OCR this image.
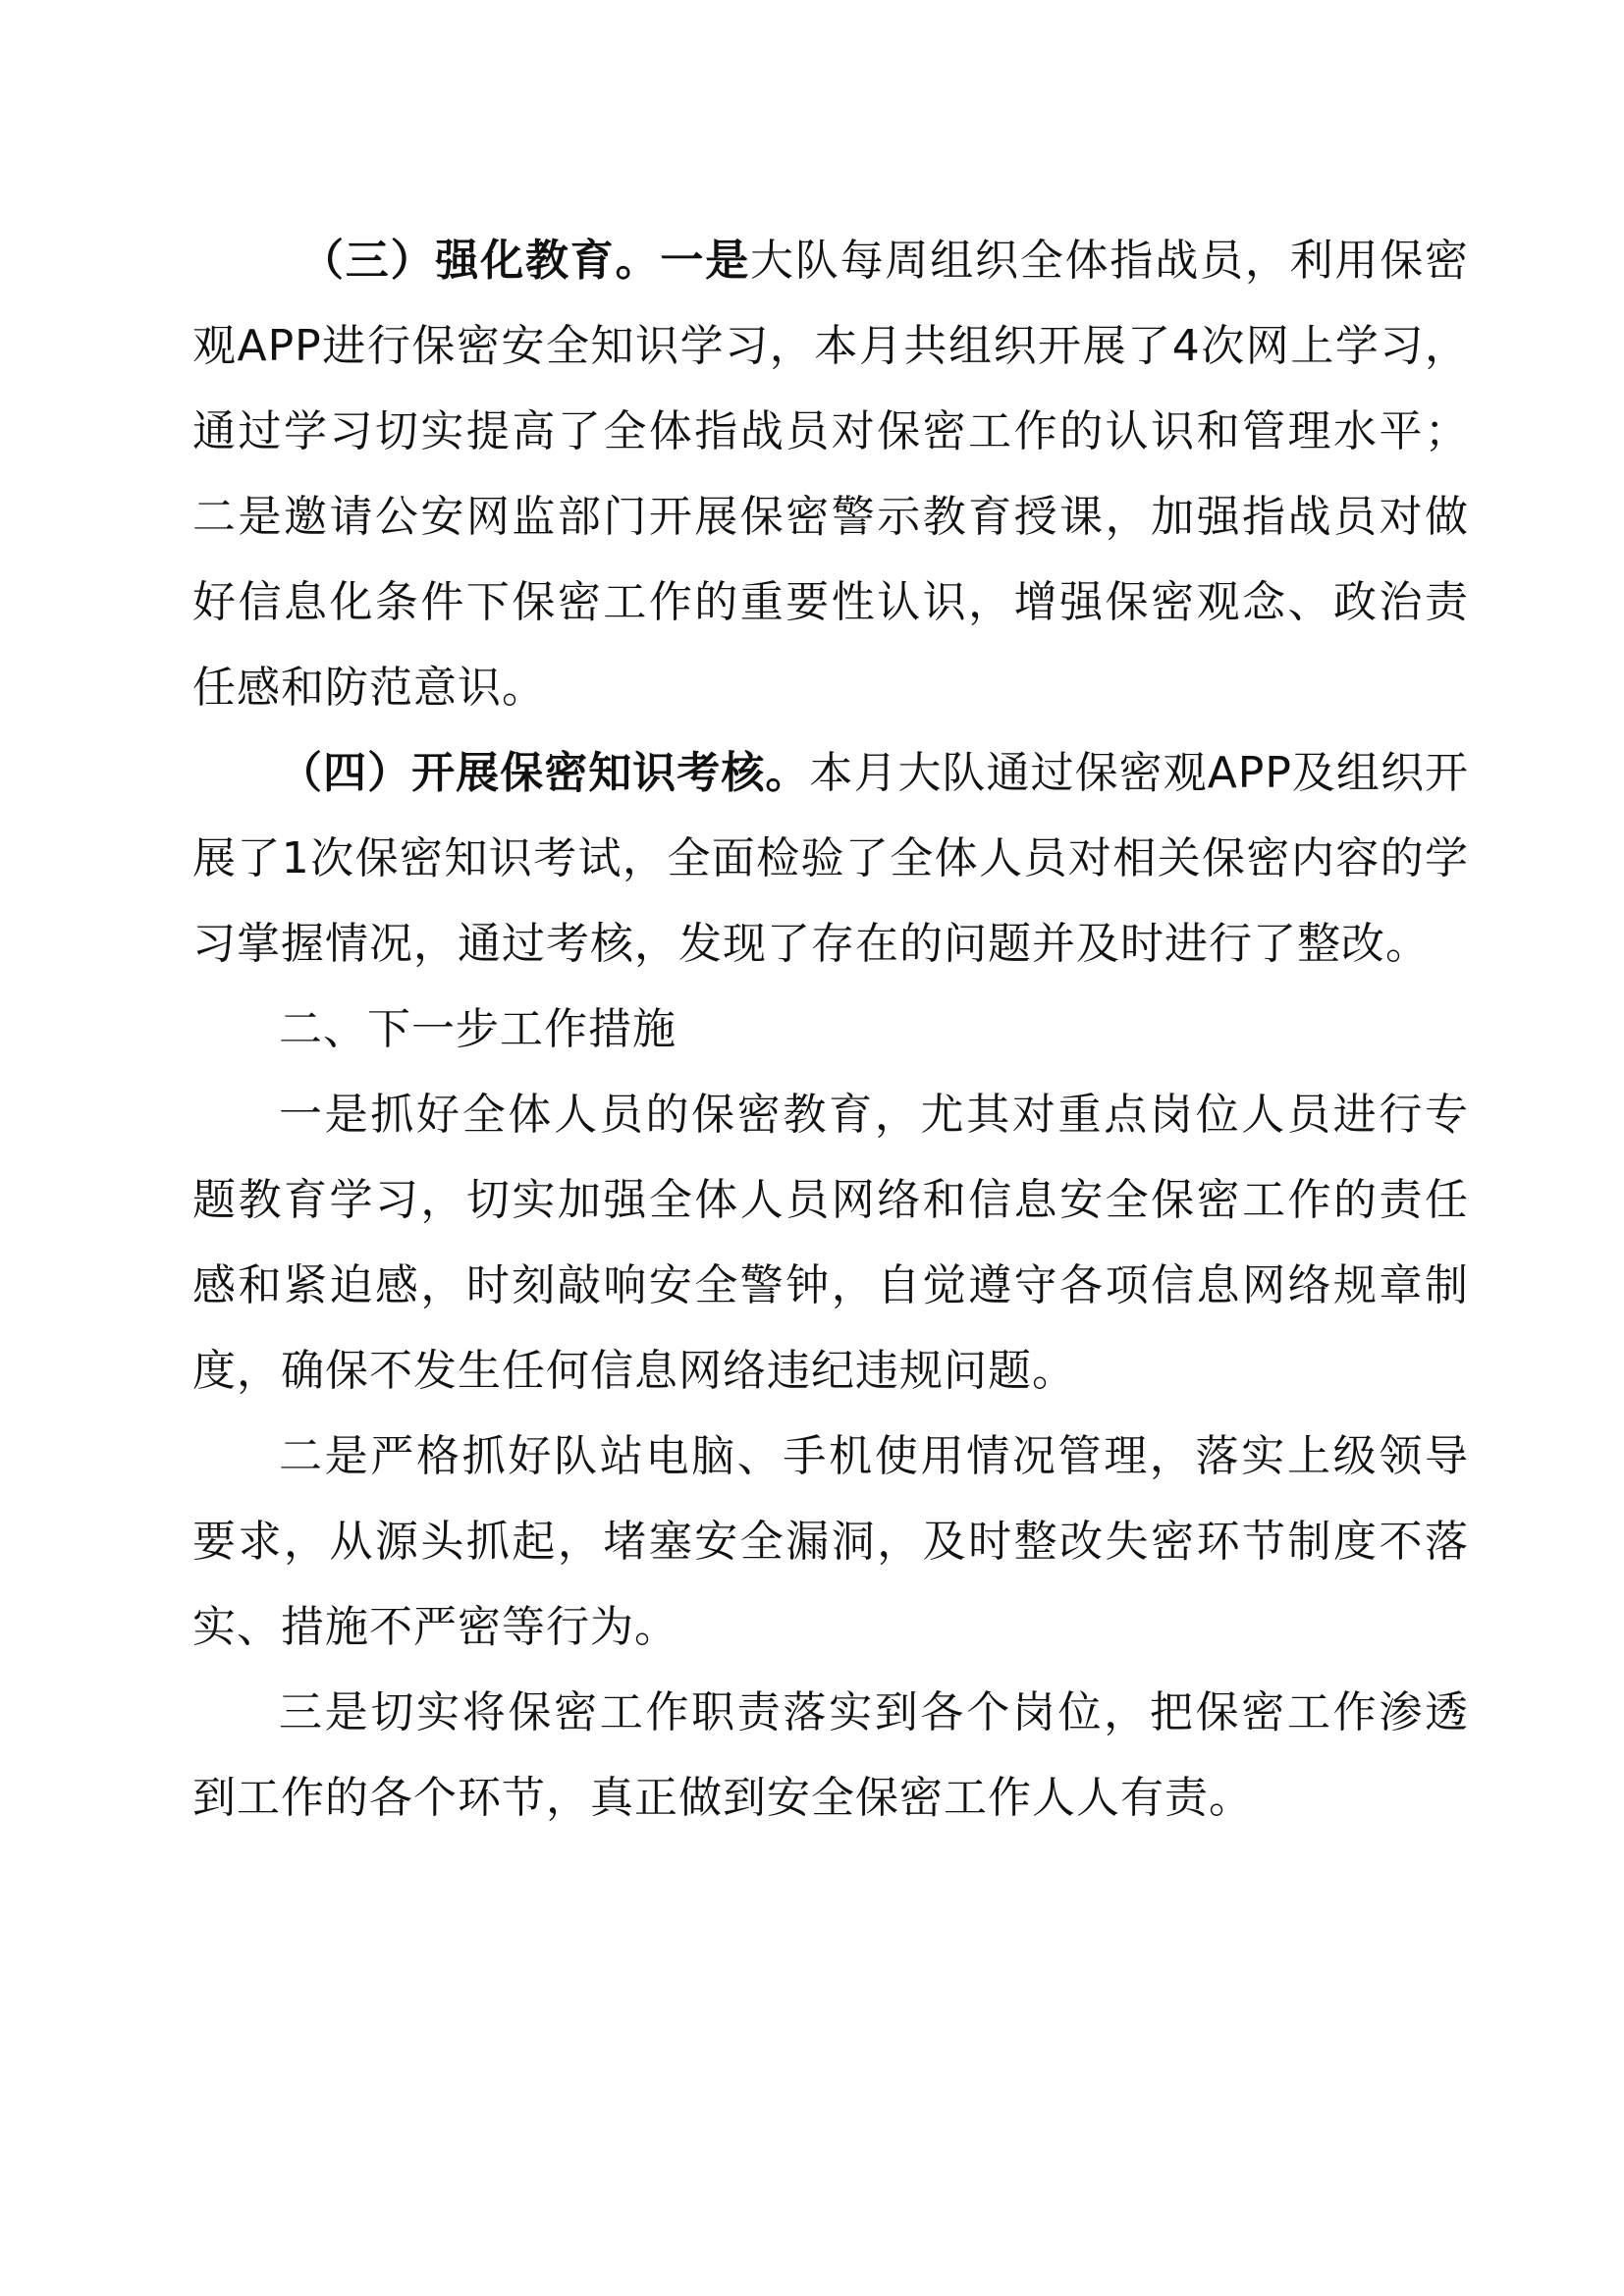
（三）强化教育。一是大队每周组织全体指战员，利用保密观APP进行保密安全知识学习，本月共组织开展了4次网上学习，通过学习切实提高了全体指战员对保密工作的认识和管理水平；二是邀请公安网监部门开展保密警示教育授课，加强指战员对做好信息化条件下保密工作的重要性认识，增强保密观念、政治责任感和防范意识。

（四）开展保密知识考核。本月大队通过保密观APP及组织开展了1次保密知识考试，全面检验了全体人员对相关保密内容的学习掌握情况，通过考核，发现了存在的问题并及时进行了整改。

二、下一步工作措施

一是抓好全体人员的保密教育，尤其对重点岗位人员进行专题教育学习，切实加强全体人员网络和信息安全保密工作的责任感和紧迫感，时刻敲响安全警钟，自觉遵守各项信息网络规章制度，确保不发生任何信息网络违纪违规问题。

二是严格抓好队站电脑、手机使用情况管理，落实上级领导要求，从源头抓起，堵塞安全漏洞，及时整改失密环节制度不落实、措施不严密等行为。

三是切实将保密工作职责落实到各个岗位，把保密工作渗透到工作的各个环节，真正做到安全保密工作人人有责。
